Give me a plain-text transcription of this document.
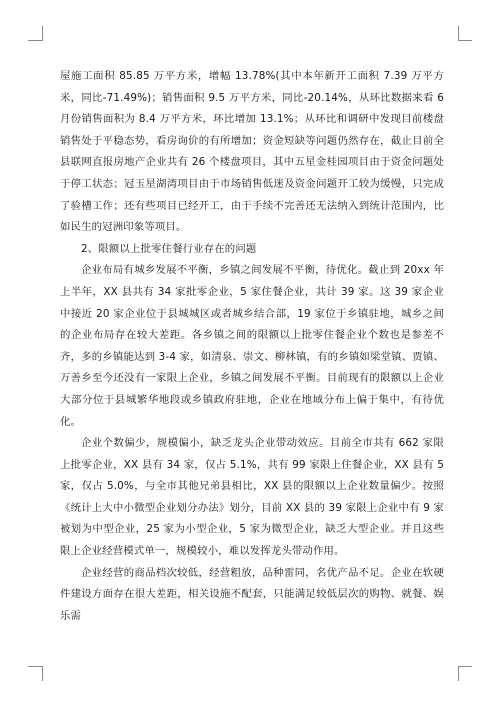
屋施工面积 85.85 万平方米，增幅 13.78%(其中本年新开工面积 7.39 万平方米，同比-71.49%)；销售面积 9.5 万平方米，同比-20.14%，从环比数据来看 6 月份销售面积为 8.4 万平方米，环比增加 13.1%；从环比和调研中发现目前楼盘销售处于平稳态势，看房询价的有所增加；资金短缺等问题仍然存在，截止目前全县联网直报房地产企业共有 26 个楼盘项目，其中五星金桂园项目由于资金问题处于停工状态；冠玉星湖湾项目由于市场销售低迷及资金问题开工较为缓慢，只完成了验槽工作；还有些项目已经开工，由于手续不完善还无法纳入到统计范围内，比如民生的冠洲印象等项目。

2、限额以上批零住餐行业存在的问题

企业布局有城乡发展不平衡，乡镇之间发展不平衡，待优化。截止到 20xx 年上半年，XX 县共有 34 家批零企业，5 家住餐企业，共计 39 家。这 39 家企业中接近 20 家企业位于县城城区或者城乡结合部，19 家位于乡镇驻地，城乡之间的企业布局存在较大差距。各乡镇之间的限额以上批零住餐企业个数也是参差不齐，多的乡镇能达到 3-4 家，如清泉、崇文、柳林镇，有的乡镇如梁堂镇、贾镇、万善乡至今还没有一家限上企业，乡镇之间发展不平衡。目前现有的限额以上企业大部分位于县城繁华地段或乡镇政府驻地，企业在地域分布上偏于集中，有待优化。

企业个数偏少，规模偏小，缺乏龙头企业带动效应。目前全市共有 662 家限上批零企业，XX 县有 34 家，仅占 5.1%，共有 99 家限上住餐企业，XX 县有 5 家，仅占 5.0%，与全市其他兄弟县相比，XX 县的限额以上企业数量偏少。按照《统计上大中小微型企业划分办法》划分，目前 XX 县的 39 家限上企业中有 9 家被划为中型企业，25 家为小型企业，5 家为微型企业，缺乏大型企业。并且这些限上企业经营模式单一，规模较小，难以发挥龙头带动作用。

企业经营的商品档次较低，经营粗放，品种雷同，名优产品不足。企业在软硬件建设方面存在很大差距，相关设施不配套，只能满足较低层次的购物、就餐、娱乐需
